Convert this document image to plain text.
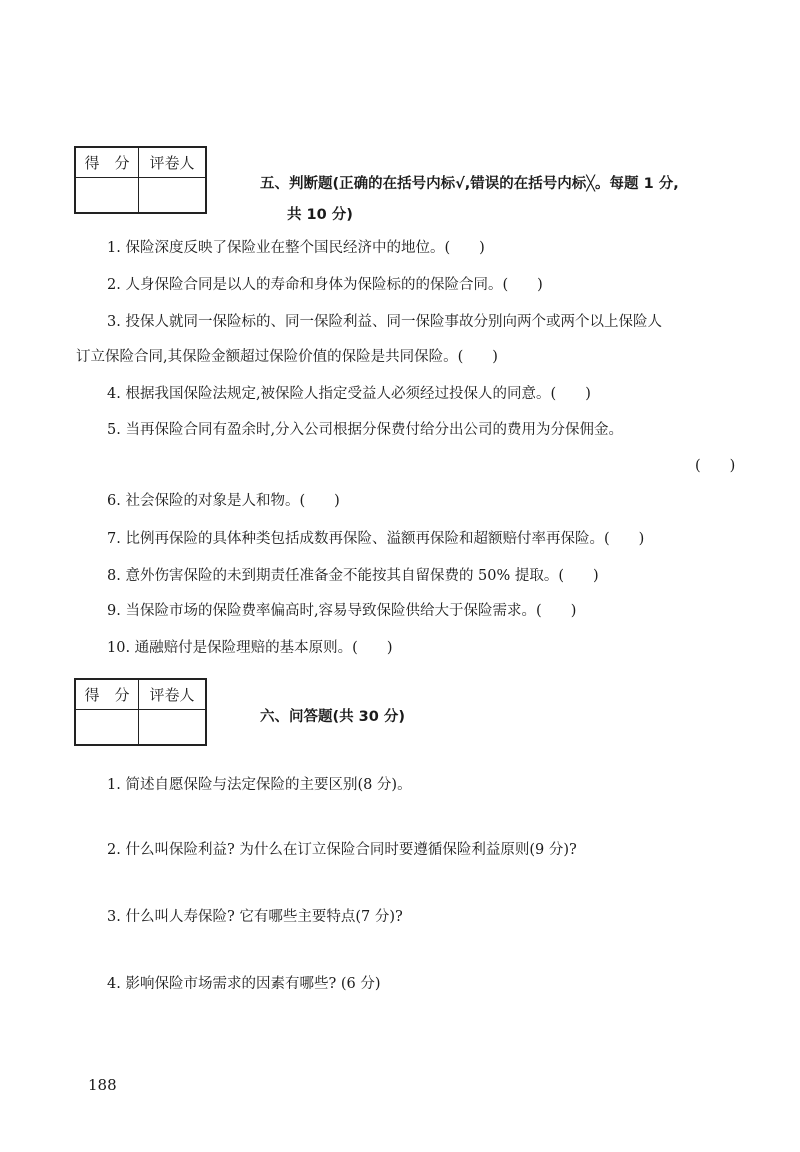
得　分	评卷人

五、判断题(正确的在括号内标√,错误的在括号内标╳。每题 1 分,
共 10 分)
1. 保险深度反映了保险业在整个国民经济中的地位。(　　)
2. 人身保险合同是以人的寿命和身体为保险标的的保险合同。(　　)
3. 投保人就同一保险标的、同一保险利益、同一保险事故分别向两个或两个以上保险人
订立保险合同,其保险金额超过保险价值的保险是共同保险。(　　)
4. 根据我国保险法规定,被保险人指定受益人必须经过投保人的同意。(　　)
5. 当再保险合同有盈余时,分入公司根据分保费付给分出公司的费用为分保佣金。
(　　)
6. 社会保险的对象是人和物。(　　)
7. 比例再保险的具体种类包括成数再保险、溢额再保险和超额赔付率再保险。(　　)
8. 意外伤害保险的未到期责任准备金不能按其自留保费的 50% 提取。(　　)
9. 当保险市场的保险费率偏高时,容易导致保险供给大于保险需求。(　　)
10. 通融赔付是保险理赔的基本原则。(　　)
得　分	评卷人

六、问答题(共 30 分)
1. 简述自愿保险与法定保险的主要区别(8 分)。
2. 什么叫保险利益? 为什么在订立保险合同时要遵循保险利益原则(9 分)?
3. 什么叫人寿保险? 它有哪些主要特点(7 分)?
4. 影响保险市场需求的因素有哪些? (6 分)
188
